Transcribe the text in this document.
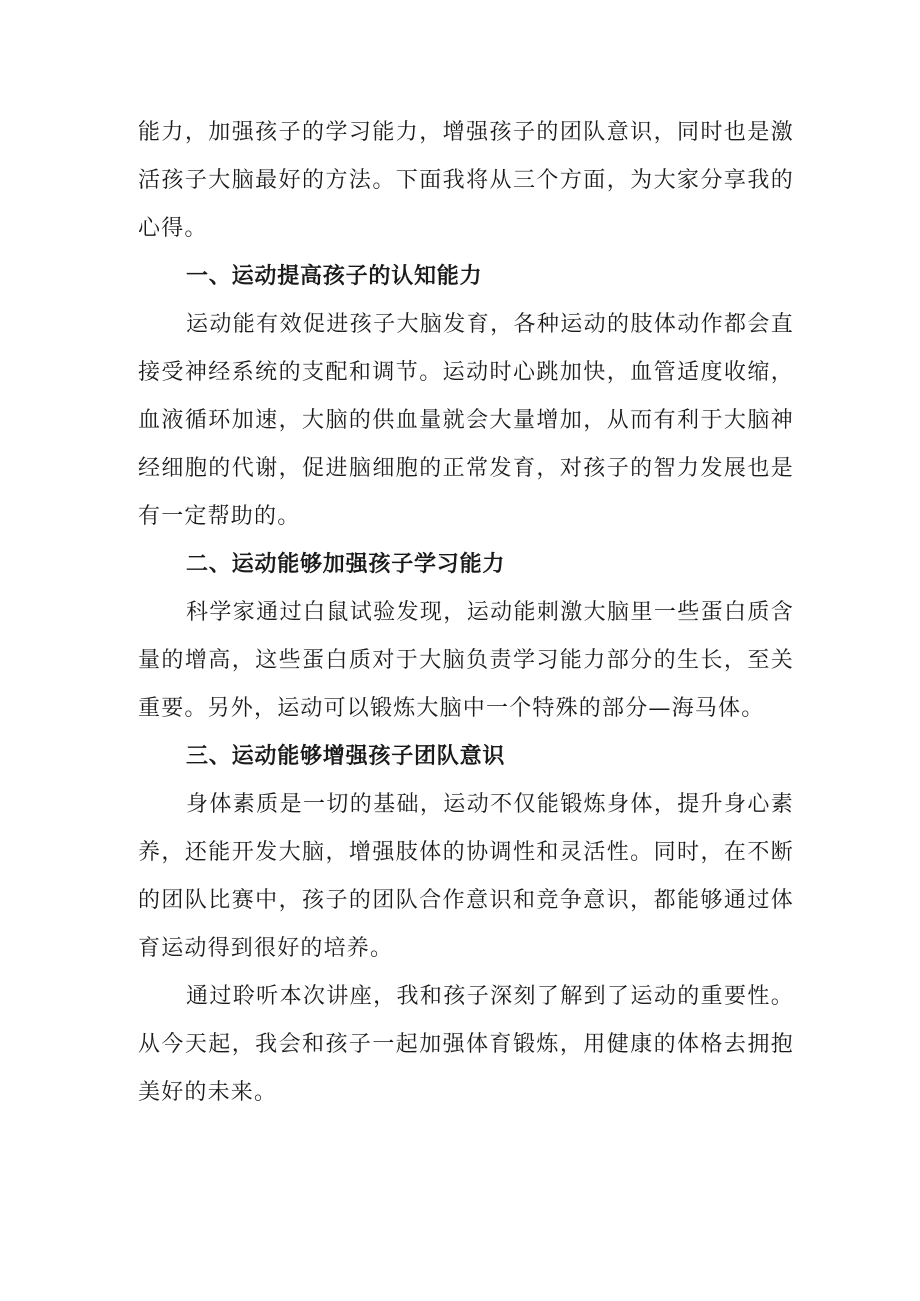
能力，加强孩子的学习能力，增强孩子的团队意识，同时也是激活孩子大脑最好的方法。下面我将从三个方面，为大家分享我的心得。

一、运动提高孩子的认知能力

运动能有效促进孩子大脑发育，各种运动的肢体动作都会直接受神经系统的支配和调节。运动时心跳加快，血管适度收缩，血液循环加速，大脑的供血量就会大量增加，从而有利于大脑神经细胞的代谢，促进脑细胞的正常发育，对孩子的智力发展也是有一定帮助的。

二、运动能够加强孩子学习能力

科学家通过白鼠试验发现，运动能刺激大脑里一些蛋白质含量的增高，这些蛋白质对于大脑负责学习能力部分的生长，至关重要。另外，运动可以锻炼大脑中一个特殊的部分—海马体。

三、运动能够增强孩子团队意识

身体素质是一切的基础，运动不仅能锻炼身体，提升身心素养，还能开发大脑，增强肢体的协调性和灵活性。同时，在不断的团队比赛中，孩子的团队合作意识和竞争意识，都能够通过体育运动得到很好的培养。

通过聆听本次讲座，我和孩子深刻了解到了运动的重要性。从今天起，我会和孩子一起加强体育锻炼，用健康的体格去拥抱美好的未来。
